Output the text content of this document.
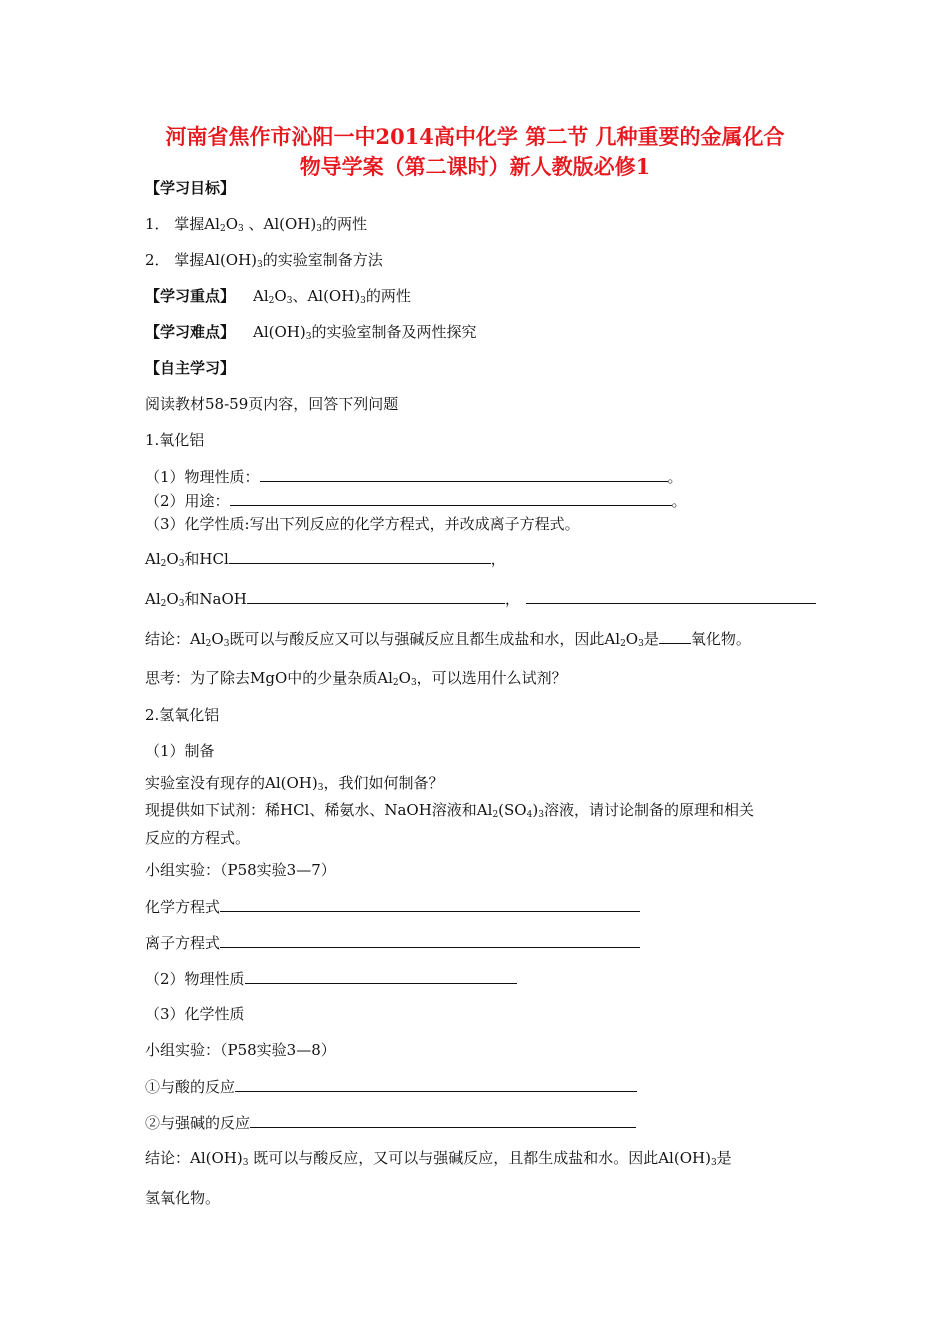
河南省焦作市沁阳一中2014高中化学 第二节 几种重要的金属化合
物导学案（第二课时）新人教版必修1
【学习目标】
1． 掌握$Al_2O_3$ 、$Al(OH)_3$的两性
2． 掌握$Al(OH)_3$的实验室制备方法
【学习重点】 $Al_2O_3$、$Al(OH)_3$的两性
【学习难点】 $Al(OH)_3$的实验室制备及两性探究
【自主学习】
阅读教材58-59页内容，回答下列问题
1.氧化铝
（1）物理性质：	。
（2）用途：	。
（3）化学性质:写出下列反应的化学方程式，并改成离子方程式。
$Al_2O_3$和HCl	，
$Al_2O_3$和NaOH	，
结论：$Al_2O_3$既可以与酸反应又可以与强碱反应且都生成盐和水，因此$Al_2O_3$是 氧化物。
思考：为了除去MgO中的少量杂质$Al_2O_3$，可以选用什么试剂？
2.氢氧化铝
（1）制备
实验室没有现存的$Al(OH)_3$，我们如何制备？
现提供如下试剂：稀HCl、稀氨水、NaOH溶液和$Al_2(SO_4)_3$溶液，请讨论制备的原理和相关
反应的方程式。
小组实验：（P58实验3—7）
化学方程式
离子方程式
（2）物理性质
（3）化学性质
小组实验：（P58实验3—8）
①与酸的反应
②与强碱的反应
结论：$Al(OH)_3$ 既可以与酸反应，又可以与强碱反应，且都生成盐和水。因此$Al(OH)_3$是
氢氧化物。
